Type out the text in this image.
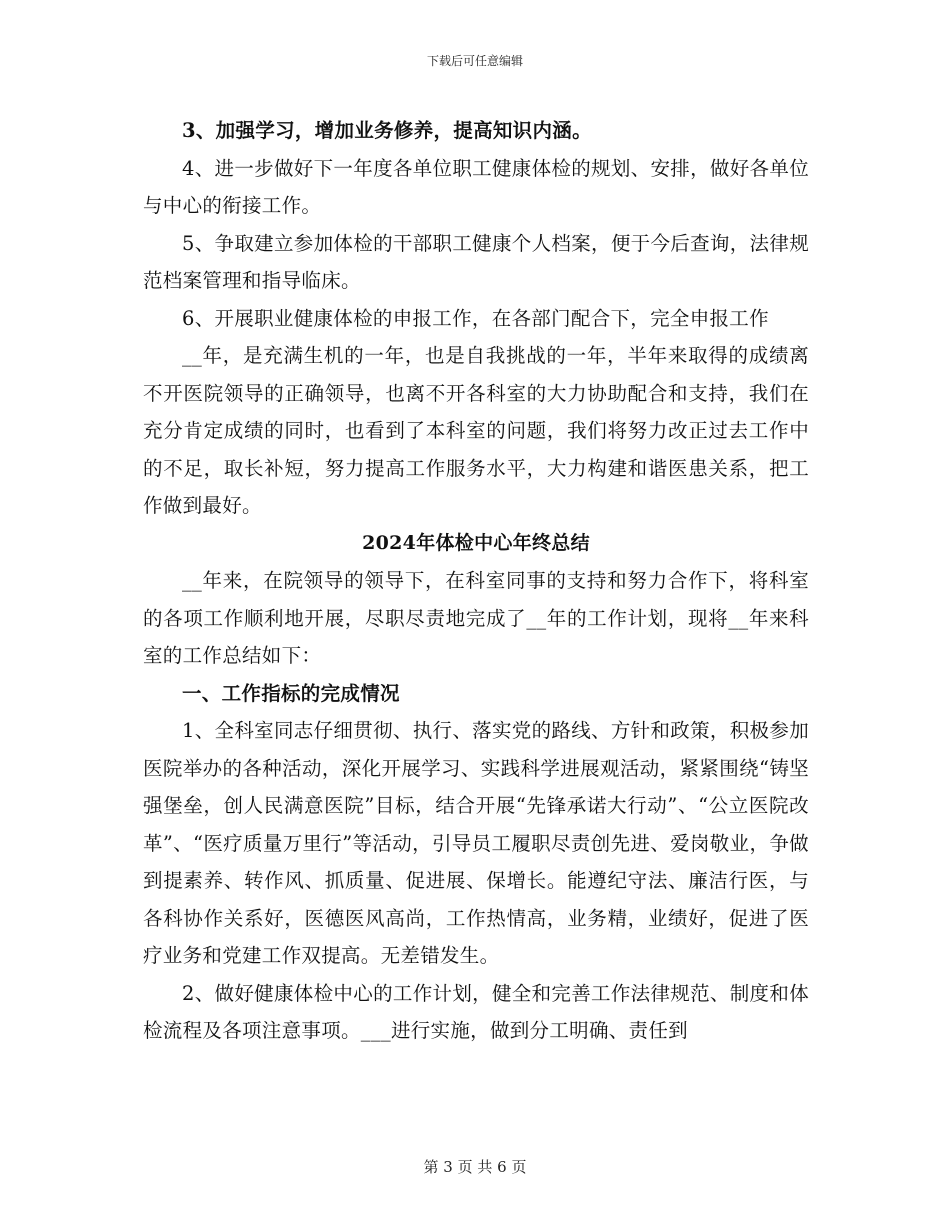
下载后可任意编辑

3、加强学习，增加业务修养，提高知识内涵。

4、进一步做好下一年度各单位职工健康体检的规划、安排，做好各单位与中心的衔接工作。

5、争取建立参加体检的干部职工健康个人档案，便于今后查询，法律规范档案管理和指导临床。

6、开展职业健康体检的申报工作，在各部门配合下，完全申报工作

__年，是充满生机的一年，也是自我挑战的一年，半年来取得的成绩离不开医院领导的正确领导，也离不开各科室的大力协助配合和支持，我们在充分肯定成绩的同时，也看到了本科室的问题，我们将努力改正过去工作中的不足，取长补短，努力提高工作服务水平，大力构建和谐医患关系，把工作做到最好。

2024年体检中心年终总结

__年来，在院领导的领导下，在科室同事的支持和努力合作下，将科室的各项工作顺利地开展，尽职尽责地完成了__年的工作计划，现将__年来科室的工作总结如下：

一、工作指标的完成情况

1、全科室同志仔细贯彻、执行、落实党的路线、方针和政策，积极参加医院举办的各种活动，深化开展学习、实践科学进展观活动，紧紧围绕“铸坚强堡垒，创人民满意医院”目标，结合开展“先锋承诺大行动”、“公立医院改革”、“医疗质量万里行”等活动，引导员工履职尽责创先进、爱岗敬业，争做到提素养、转作风、抓质量、促进展、保增长。能遵纪守法、廉洁行医，与各科协作关系好，医德医风高尚，工作热情高，业务精，业绩好，促进了医疗业务和党建工作双提高。无差错发生。

2、做好健康体检中心的工作计划，健全和完善工作法律规范、制度和体检流程及各项注意事项。___进行实施，做到分工明确、责任到

第 3 页 共 6 页
